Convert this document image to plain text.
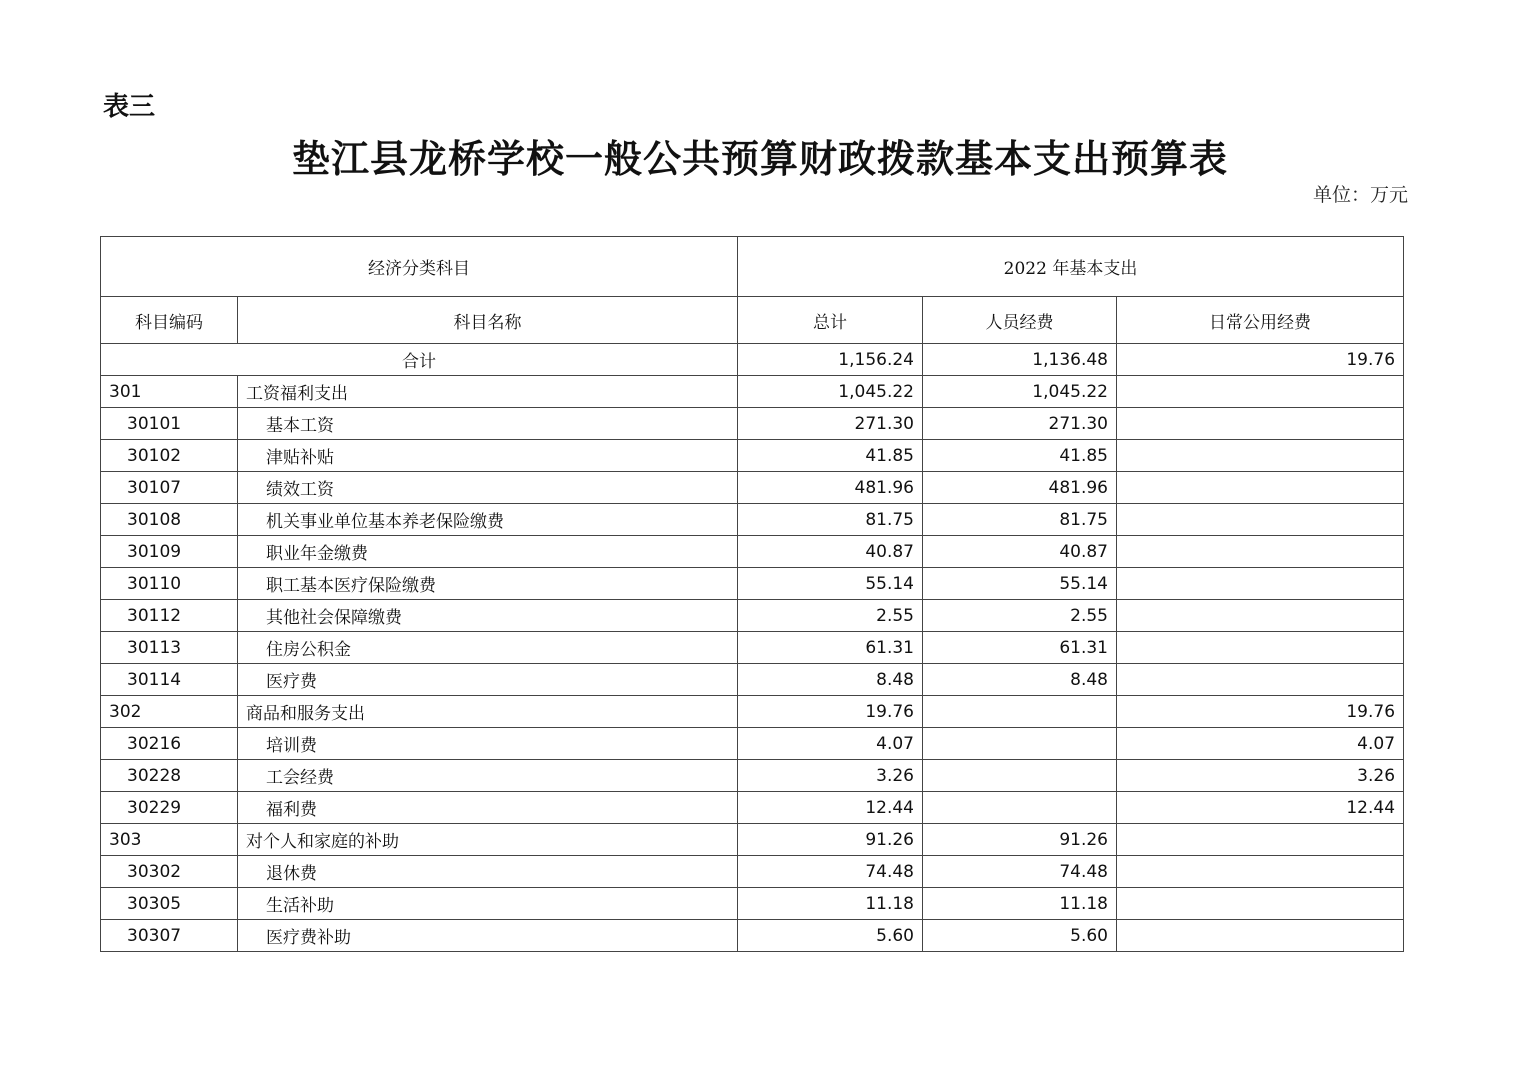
表三
垫江县龙桥学校一般公共预算财政拨款基本支出预算表
单位：万元
经济分类科目		2022 年基本支出		
科目编码	科目名称	总计	人员经费	日常公用经费
合计		1,156.24	1,136.48	19.76
301	工资福利支出	1,045.22	1,045.22	
30101	基本工资	271.30	271.30	
30102	津贴补贴	41.85	41.85	
30107	绩效工资	481.96	481.96	
30108	机关事业单位基本养老保险缴费	81.75	81.75	
30109	职业年金缴费	40.87	40.87	
30110	职工基本医疗保险缴费	55.14	55.14	
30112	其他社会保障缴费	2.55	2.55	
30113	住房公积金	61.31	61.31	
30114	医疗费	8.48	8.48	
302	商品和服务支出	19.76		19.76
30216	培训费	4.07		4.07
30228	工会经费	3.26		3.26
30229	福利费	12.44		12.44
303	对个人和家庭的补助	91.26	91.26	
30302	退休费	74.48	74.48	
30305	生活补助	11.18	11.18	
30307	医疗费补助	5.60	5.60	
